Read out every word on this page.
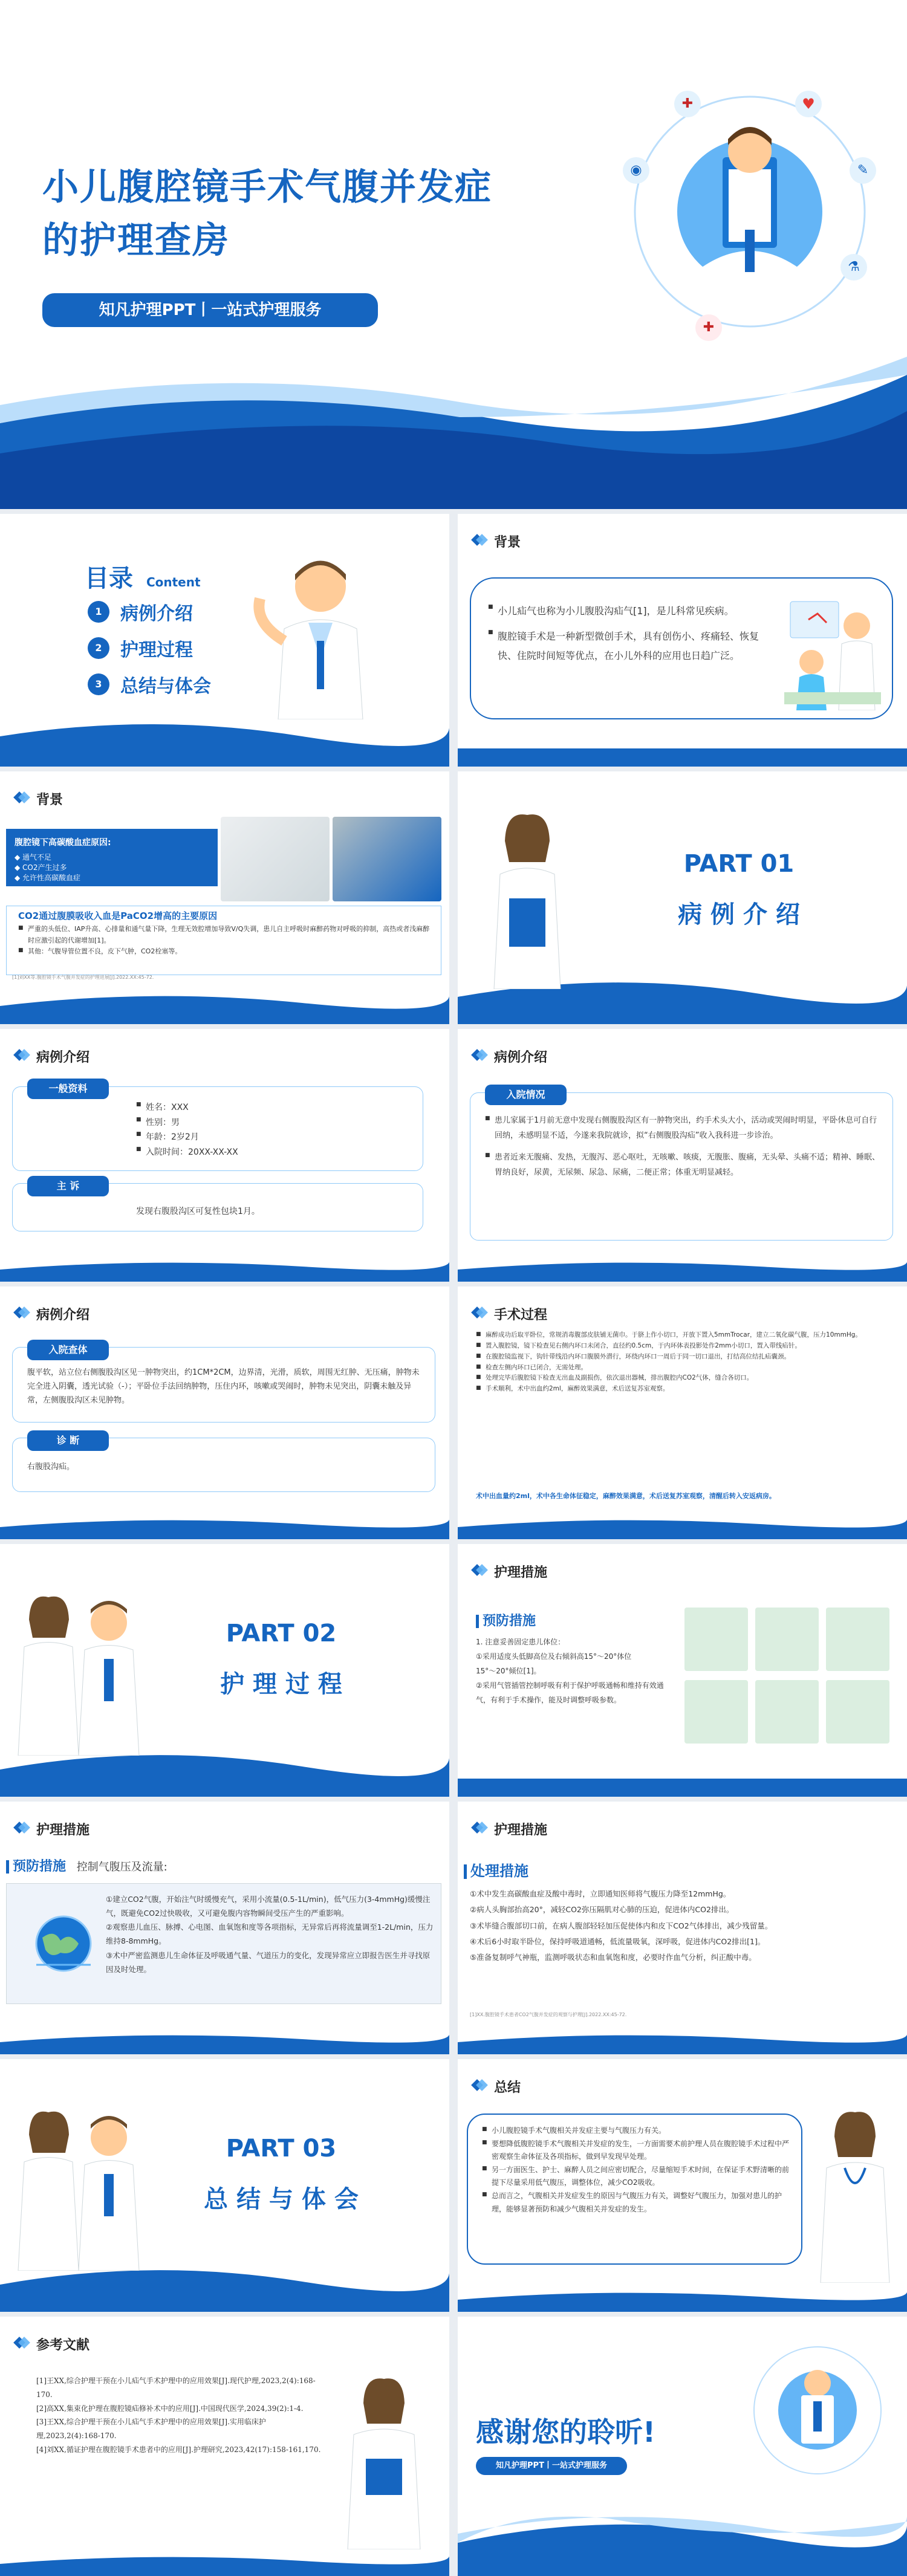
小儿腹腔镜手术气腹并发症
的护理查房
知凡护理PPT丨一站式护理服务
✚	♥
◉	✎
✚
⚗
目录 Content
1	病例介绍
2	护理过程
3	总结与体会
背景
■ 小儿疝气也称为小儿腹股沟疝气[1]，是儿科常见疾病。
■ 腹腔镜手术是一种新型微创手术，具有创伤小、疼痛轻、恢复快、住院时间短等优点，在小儿外科的应用也日趋广泛。
背景
腹腔镜下高碳酸血症原因:
◆ 通气不足
◆ CO2产生过多
◆ 允许性高碳酸血症
CO2通过腹膜吸收入血是PaCO2增高的主要原因
■ 严重的头低位、IAP升高、心排量和通气量下降，生理无效腔增加导致V/Q失调，患儿自主呼吸时麻醉药物对呼吸的抑制，高热或者浅麻醉时应激引起的代谢增加[1]。
■ 其他：气腹导管位置不良，皮下气肿，CO2栓塞等。
[1]刘XX等.腹腔镜手术气腹并发症的护理进展[J].2022.XX:45-72.
PART 01
病 例 介 绍
病例介绍
一般资料
■ 姓名：XXX
■ 性别：男
■ 年龄：2岁2月
■ 入院时间：20XX-XX-XX
主 诉
发现右腹股沟区可复性包块1月。
病例介绍
入院情况
■ 患儿家属于1月前无意中发现右侧腹股沟区有一肿物突出，约手术头大小，活动或哭闹时明显，平卧休息可自行回纳，未感明显不适，今遂来我院就诊，拟“右侧腹股沟疝”收入我科进一步诊治。
■ 患者近来无腹痛、发热，无腹泻、恶心呕吐，无咳嗽、咳痰，无腹胀、腹痛，无头晕、头痛不适；精神、睡眠、胃纳良好，尿黄，无尿频、尿急、尿痛，二便正常；体重无明显减轻。
病例介绍
入院查体
腹平软，站立位右侧腹股沟区见一肿物突出，约1CM*2CM，边界清，光滑，质软，周围无红肿、无压痛，肿物未完全进入阴囊，透光试验（-）；平卧位手法回纳肿物，压住内环，咳嗽或哭闹时，肿物未见突出，阴囊未触及异常，左侧腹股沟区未见肿物。
诊 断
右腹股沟疝。
手术过程
■ 麻醉成功后取平卧位，常规消毒腹部皮肤铺无菌巾。于脐上作小切口，开放下置入5mmTrocar，建立二氧化碳气腹，压力10mmHg。
■ 置入腹腔镜，镜下检查见右侧内环口未闭合，直径约0.5cm，于内环体表投影处作2mm小切口，置入带线疝针。
■ 在腹腔镜监视下，钩针带线沿内环口腹膜外潜行，环绕内环口一周后于同一切口退出，打结高位结扎疝囊颈。
■ 检查左侧内环口已闭合，无需处理。
■ 处理完毕后腹腔镜下检查无出血及副损伤，依次退出器械，排出腹腔内CO2气体，缝合各切口。
■ 手术顺利，术中出血约2ml，麻醉效果满意，术后送复苏室观察。
术中出血量约2ml，术中各生命体征稳定，麻醉效果满意，术后送复苏室观察，清醒后转入安返病房。
PART 02
护 理 过 程
护理措施
预防措施
1. 注意妥善固定患儿体位：
①采用适度头低脚高位及右倾斜高15°～20°体位
15°～20°倾位[1]。
②采用气管插管控制呼吸有利于保护呼吸通畅和维持有效通气，有利于手术操作，能及时调整呼吸参数。
护理措施
预防措施 控制气腹压及流量:
①建立CO2气腹，开始注气时缓慢充气，采用小流量(0.5-1L/min)，低气压力(3-4mmHg)缓慢注气，既避免CO2过快吸收，又可避免腹内容物瞬间受压产生的严重影响。
②观察患儿血压、脉搏、心电图、血氧饱和度等各项指标，无异常后再将流量调至1-2L/min，压力维持8-8mmHg。
③术中严密监测患儿生命体征及呼吸通气量、气道压力的变化，发现异常应立即报告医生并寻找原因及时处理。
护理措施
处理措施
①术中发生高碳酸血症及酸中毒时，立即通知医师将气腹压力降至12mmHg。
②病人头胸部抬高20°，减轻CO2弥压隔肌对心肺的压迫，促进体内CO2排出。
③术毕缝合腹部切口前，在病人腹部轻轻加压促使体内和皮下CO2气体排出，减少残留量。
④术后6小时取半卧位，保持呼吸道通畅，低流量吸氧，深呼吸，促进体内CO2排出[1]。
⑤准备复制呼气神瓶，监测呼吸状态和血氧饱和度，必要时作血气分析，纠正酸中毒。
[1]XX.腹腔镜手术患者CO2气腹并发症的观察与护理[J].2022.XX:45-72.
PART 03
总 结 与 体 会
总结
■ 小儿腹腔镜手术气腹相关并发症主要与气腹压力有关。
■ 要想降低腹腔镜手术气腹相关并发症的发生，一方面需要术前护理人员在腹腔镜手术过程中严密观察生命体征及各项指标，做到早发现早处理。
■ 另一方面医生、护士、麻醉人员之间应密切配合，尽量缩短手术时间，在保证手术野清晰的前提下尽量采用低气腹压，调整体位，减少CO2吸收。
■ 总而言之，气腹相关并发症发生的原因与气腹压力有关，调整好气腹压力，加强对患儿的护理，能够显著预防和减少气腹相关并发症的发生。
参考文献
[1]王XX,综合护理干预在小儿疝气手术护理中的应用效果[J].现代护理,2023,2(4):168-170.
[2]高XX,集束化护理在腹腔镜疝修补术中的应用[J].中国现代医学,2024,39(2):1-4.
[3]王XX,综合护理干预在小儿疝气手术护理中的应用效果[J].实用临床护理,2023,2(4):168-170.
[4]刘XX,循证护理在腹腔镜手术患者中的应用[J].护理研究,2023,42(17):158-161,170.
感谢您的聆听!
知凡护理PPT丨一站式护理服务
